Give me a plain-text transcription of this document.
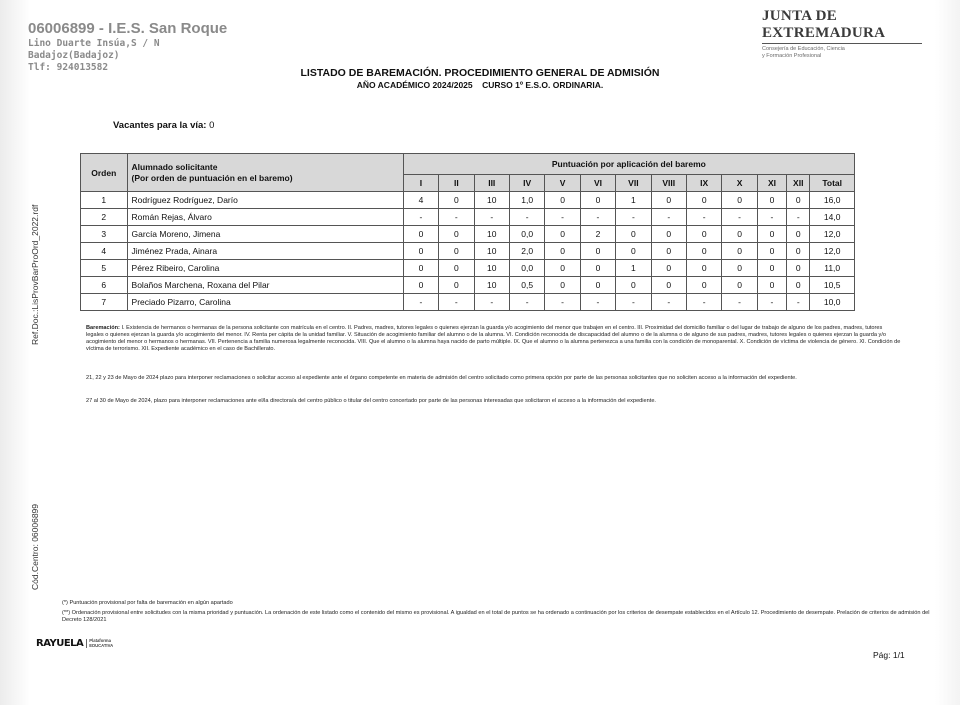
06006899 - I.E.S. San Roque
Lino Duarte Insúa,S / N
Badajoz(Badajoz)
Tlf: 924013582
JUNTA DE EXTREMADURA
Consejería de Educación, Ciencia
y Formación Profesional
LISTADO DE BAREMACIÓN. PROCEDIMIENTO GENERAL DE ADMISIÓN
AÑO ACADÉMICO 2024/2025    CURSO 1º E.S.O. ORDINARIA.
Vacantes para la vía: 0
Ref.Doc.:LisProvBarProOrd_2022.rdf
Cód.Centro: 06006899
Orden	Alumnado solicitante
(Por orden de puntuación en el baremo)	Puntuación por aplicación del baremo												
		I	II	III	IV	V	VI	VII	VIII	IX	X	XI	XII	Total
1	Rodríguez Rodríguez, Darío	4	0	10	1,0	0	0	1	0	0	0	0	0	16,0
2	Román Rejas, Álvaro	-	-	-	-	-	-	-	-	-	-	-	-	14,0
3	García Moreno, Jimena	0	0	10	0,0	0	2	0	0	0	0	0	0	12,0
4	Jiménez Prada, Ainara	0	0	10	2,0	0	0	0	0	0	0	0	0	12,0
5	Pérez Ribeiro, Carolina	0	0	10	0,0	0	0	1	0	0	0	0	0	11,0
6	Bolaños Marchena, Roxana del Pilar	0	0	10	0,5	0	0	0	0	0	0	0	0	10,5
7	Preciado Pizarro, Carolina	-	-	-	-	-	-	-	-	-	-	-	-	10,0
Baremación: I. Existencia de hermanos o hermanas de la persona solicitante con matrícula en el centro. II. Padres, madres, tutores legales o quienes ejerzan la guarda y/o acogimiento del menor que trabajen en el centro. III. Proximidad del domicilio familiar o del lugar de trabajo de alguno de los padres, madres, tutores legales o quienes ejerzan la guarda y/o acogimiento del menor. IV. Renta per cápita de la unidad familiar. V. Situación de acogimiento familiar del alumno o de la alumna. VI. Condición reconocida de discapacidad del alumno o de la alumna o de alguno de sus padres, madres, tutores legales o quienes ejerzan la guarda y/o acogimiento del menor o hermanos o hermanas. VII. Pertenencia a familia numerosa legalmente reconocida. VIII. Que el alumno o la alumna haya nacido de parto múltiple. IX. Que el alumno o la alumna pertenezca a una familia con la condición de monoparental. X. Condición de víctima de violencia de género. XI. Condición de víctima de terrorismo. XII. Expediente académico en el caso de Bachillerato.
21, 22 y 23 de Mayo de 2024 plazo para interponer reclamaciones o solicitar acceso al expediente ante el órgano competente en materia de admisión del centro solicitado como primera opción por parte de las personas solicitantes que no soliciten acceso a la información del expediente.
27 al 30 de Mayo de 2024, plazo para interponer reclamaciones ante el/la directora/a del centro público o titular del centro concertado por parte de las personas interesadas que solicitaron el acceso a la información del expediente.
(*) Puntuación provisional por falta de baremación en algún apartado
(**) Ordenación provisional entre solicitudes con la misma prioridad y puntuación. La ordenación de este listado como el contenido del mismo es provisional. A igualdad en el total de puntos se ha ordenado a continuación por los criterios de desempate establecidos en el Artículo 12. Procedimiento de desempate. Prelación de criterios de admisión del Decreto 128/2021
RAYUELA Plataforma
EDUCATIVA
Pág: 1/1
